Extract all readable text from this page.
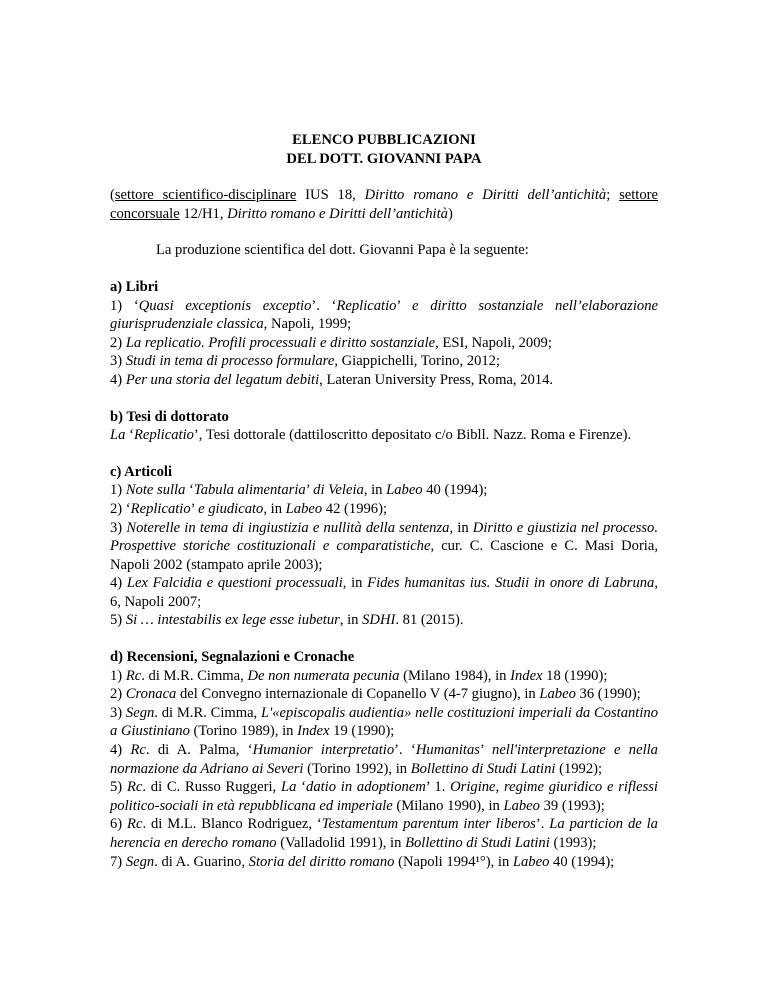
ELENCO PUBBLICAZIONI

DEL DOTT. GIOVANNI PAPA

(settore scientifico-disciplinare IUS 18, Diritto romano e Diritti dell’antichità; settore concorsuale 12/H1, Diritto romano e Diritti dell’antichità)

La produzione scientifica del dott. Giovanni Papa è la seguente:

a) Libri

1) ‘Quasi exceptionis exceptio’. ‘Replicatio’ e diritto sostanziale nell’elaborazione giurisprudenziale classica, Napoli, 1999;

2) La replicatio. Profili processuali e diritto sostanziale, ESI, Napoli, 2009;

3) Studi in tema di processo formulare, Giappichelli, Torino, 2012;

4) Per una storia del legatum debiti, Lateran University Press, Roma, 2014.

b) Tesi di dottorato

La ‘Replicatio’, Tesi dottorale (dattiloscritto depositato c/o Bibll. Nazz. Roma e Firenze).

c) Articoli

1) Note sulla ‘Tabula alimentaria’ di Veleia, in Labeo 40 (1994);

2) ‘Replicatio’ e giudicato, in Labeo 42 (1996);

3) Noterelle in tema di ingiustizia e nullità della sentenza, in Diritto e giustizia nel processo. Prospettive storiche costituzionali e comparatistiche, cur. C. Cascione e C. Masi Doria, Napoli 2002 (stampato aprile 2003);

4) Lex Falcidia e questioni processuali, in Fides humanitas ius. Studii in onore di Labruna, 6, Napoli 2007;

5) Si … intestabilis ex lege esse iubetur, in SDHI. 81 (2015).

d) Recensioni, Segnalazioni e Cronache

1) Rc. di M.R. Cimma, De non numerata pecunia (Milano 1984), in Index 18 (1990);

2) Cronaca del Convegno internazionale di Copanello V (4-7 giugno), in Labeo 36 (1990);

3) Segn. di M.R. Cimma, L'«episcopalis audientia» nelle costituzioni imperiali da Costantino a Giustiniano (Torino 1989), in Index 19 (1990);

4) Rc. di A. Palma, ‘Humanior interpretatio’. ‘Humanitas’ nell'interpretazione e nella normazione da Adriano ai Severi (Torino 1992), in Bollettino di Studi Latini (1992);

5) Rc. di C. Russo Ruggeri, La ‘datio in adoptionem’ 1. Origine, regime giuridico e riflessi politico-sociali in età repubblicana ed imperiale (Milano 1990), in Labeo 39 (1993);

6) Rc. di M.L. Blanco Rodriguez, ‘Testamentum parentum inter liberos’. La particion de la herencia en derecho romano (Valladolid 1991), in Bollettino di Studi Latini (1993);

7) Segn. di A. Guarino, Storia del diritto romano (Napoli 1994¹°), in Labeo 40 (1994);
